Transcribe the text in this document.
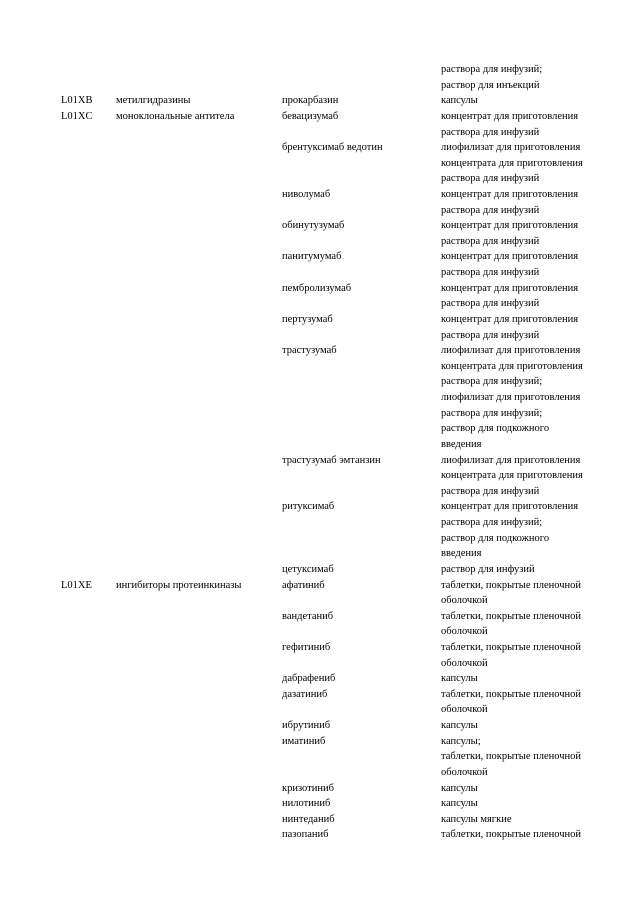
раствора для инфузий;
раствор для инъекций
L01XB метилгидразины	прокарбазин	капсулы
L01XC моноклональные антитела	бевацизумаб	концентрат для приготовления
раствора для инфузий
брентуксимаб ведотин	лиофилизат для приготовления
концентрата для приготовления
раствора для инфузий
ниволумаб	концентрат для приготовления
раствора для инфузий
обинутузумаб	концентрат для приготовления
раствора для инфузий
панитумумаб	концентрат для приготовления
раствора для инфузий
пембролизумаб	концентрат для приготовления
раствора для инфузий
пертузумаб	концентрат для приготовления
раствора для инфузий
трастузумаб	лиофилизат для приготовления
концентрата для приготовления
раствора для инфузий;
лиофилизат для приготовления
раствора для инфузий;
раствор для подкожного
введения
трастузумаб эмтанзин	лиофилизат для приготовления
концентрата для приготовления
раствора для инфузий
ритуксимаб	концентрат для приготовления
раствора для инфузий;
раствор для подкожного
введения
цетуксимаб	раствор для инфузий
L01XE ингибиторы протеинкиназы	афатиниб	таблетки, покрытые пленочной
оболочкой
вандетаниб	таблетки, покрытые пленочной
оболочкой
гефитиниб	таблетки, покрытые пленочной
оболочкой
дабрафениб	капсулы
дазатиниб	таблетки, покрытые пленочной
оболочкой
ибрутиниб	капсулы
иматиниб	капсулы;
таблетки, покрытые пленочной
оболочкой
кризотиниб	капсулы
нилотиниб	капсулы
нинтеданиб	капсулы мягкие
пазопаниб	таблетки, покрытые пленочной
